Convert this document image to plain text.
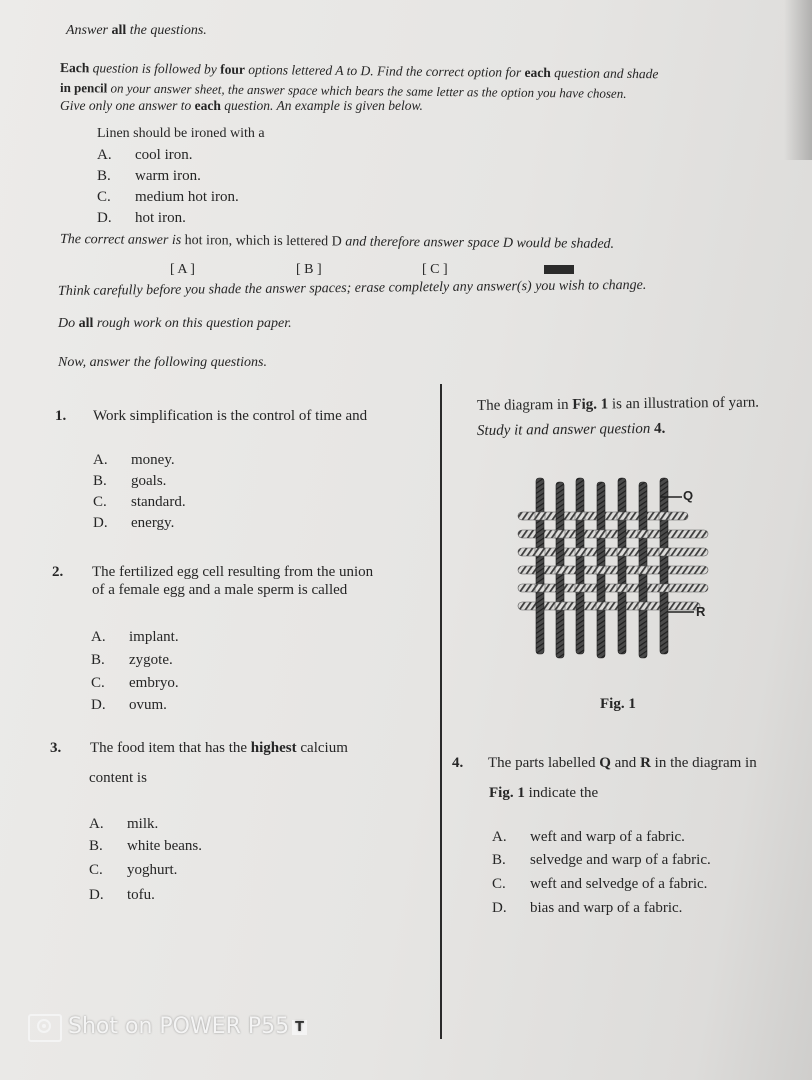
Answer all the questions.
Each question is followed by four options lettered A to D. Find the correct option for each question and shade
in pencil on your answer sheet, the answer space which bears the same letter as the option you have chosen.
Give only one answer to each question. An example is given below.
Linen should be ironed with a
A. cool iron.
B. warm iron.
C. medium hot iron.
D. hot iron.
The correct answer is hot iron, which is lettered D and therefore answer space D would be shaded.
[ A ]	[ B ]	[ C ]
Think carefully before you shade the answer spaces; erase completely any answer(s) you wish to change.
Do all rough work on this question paper.
Now, answer the following questions.
1. Work simplification is the control of time and
A. money.
B. goals.
C. standard.
D. energy.
2. The fertilized egg cell resulting from the union
of a female egg and a male sperm is called
A. implant.
B. zygote.
C. embryo.
D. ovum.
3. The food item that has the highest calcium
content is
A. milk.
B. white beans.
C. yoghurt.
D. tofu.
The diagram in Fig. 1 is an illustration of yarn.
Study it and answer question 4.
Q
R
Fig. 1
4. The parts labelled Q and R in the diagram in
Fig. 1 indicate the
A. weft and warp of a fabric.
B. selvedge and warp of a fabric.
C. weft and selvedge of a fabric.
D. bias and warp of a fabric.
Shot on POWER P55 T
